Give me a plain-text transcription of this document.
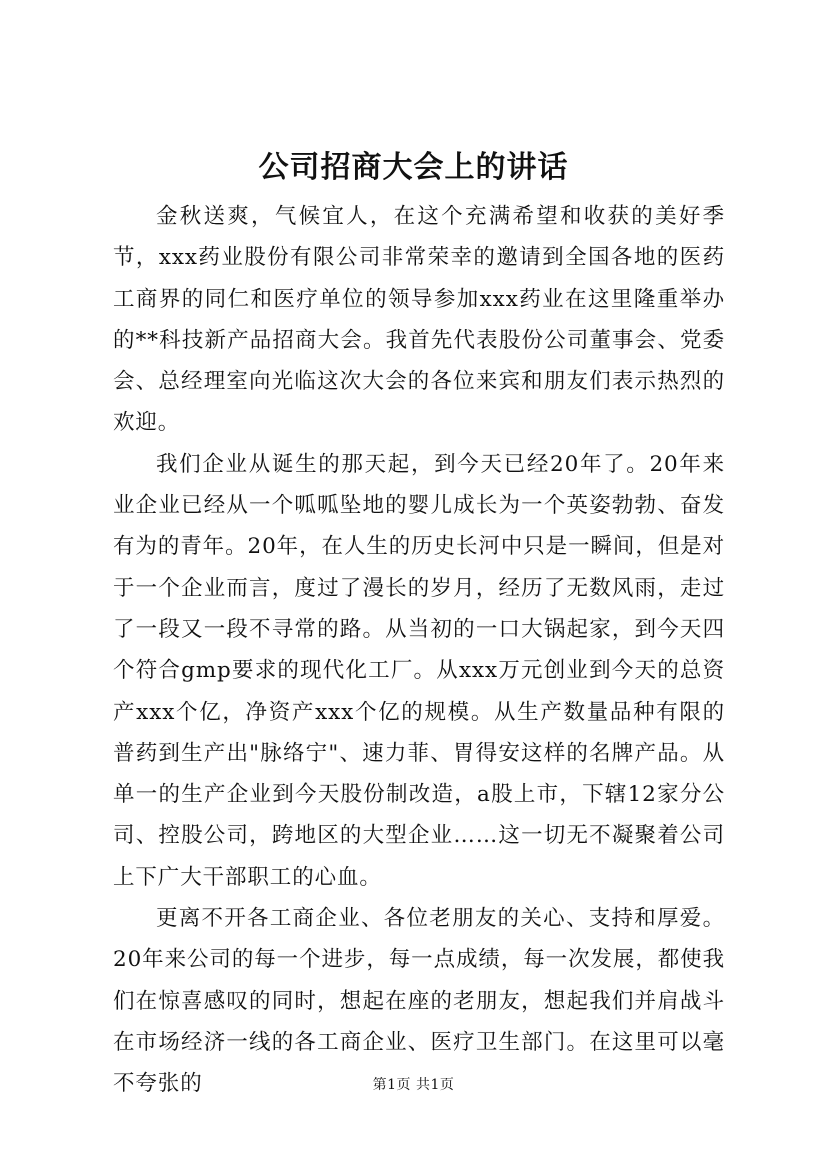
公司招商大会上的讲话

金秋送爽，气候宜人，在这个充满希望和收获的美好季节，xxx药业股份有限公司非常荣幸的邀请到全国各地的医药工商界的同仁和医疗单位的领导参加xxx药业在这里隆重举办的**科技新产品招商大会。我首先代表股份公司董事会、党委会、总经理室向光临这次大会的各位来宾和朋友们表示热烈的欢迎。

我们企业从诞生的那天起，到今天已经20年了。20年来业企业已经从一个呱呱坠地的婴儿成长为一个英姿勃勃、奋发有为的青年。20年，在人生的历史长河中只是一瞬间，但是对于一个企业而言，度过了漫长的岁月，经历了无数风雨，走过了一段又一段不寻常的路。从当初的一口大锅起家，到今天四个符合gmp要求的现代化工厂。从xxx万元创业到今天的总资产xxx个亿，净资产xxx个亿的规模。从生产数量品种有限的普药到生产出"脉络宁"、速力菲、胃得安这样的名牌产品。从单一的生产企业到今天股份制改造，a股上市，下辖12家分公司、控股公司，跨地区的大型企业……这一切无不凝聚着公司上下广大干部职工的心血。

更离不开各工商企业、各位老朋友的关心、支持和厚爱。20年来公司的每一个进步，每一点成绩，每一次发展，都使我们在惊喜感叹的同时，想起在座的老朋友，想起我们并肩战斗在市场经济一线的各工商企业、医疗卫生部门。在这里可以毫不夸张的	第1页 共1页
